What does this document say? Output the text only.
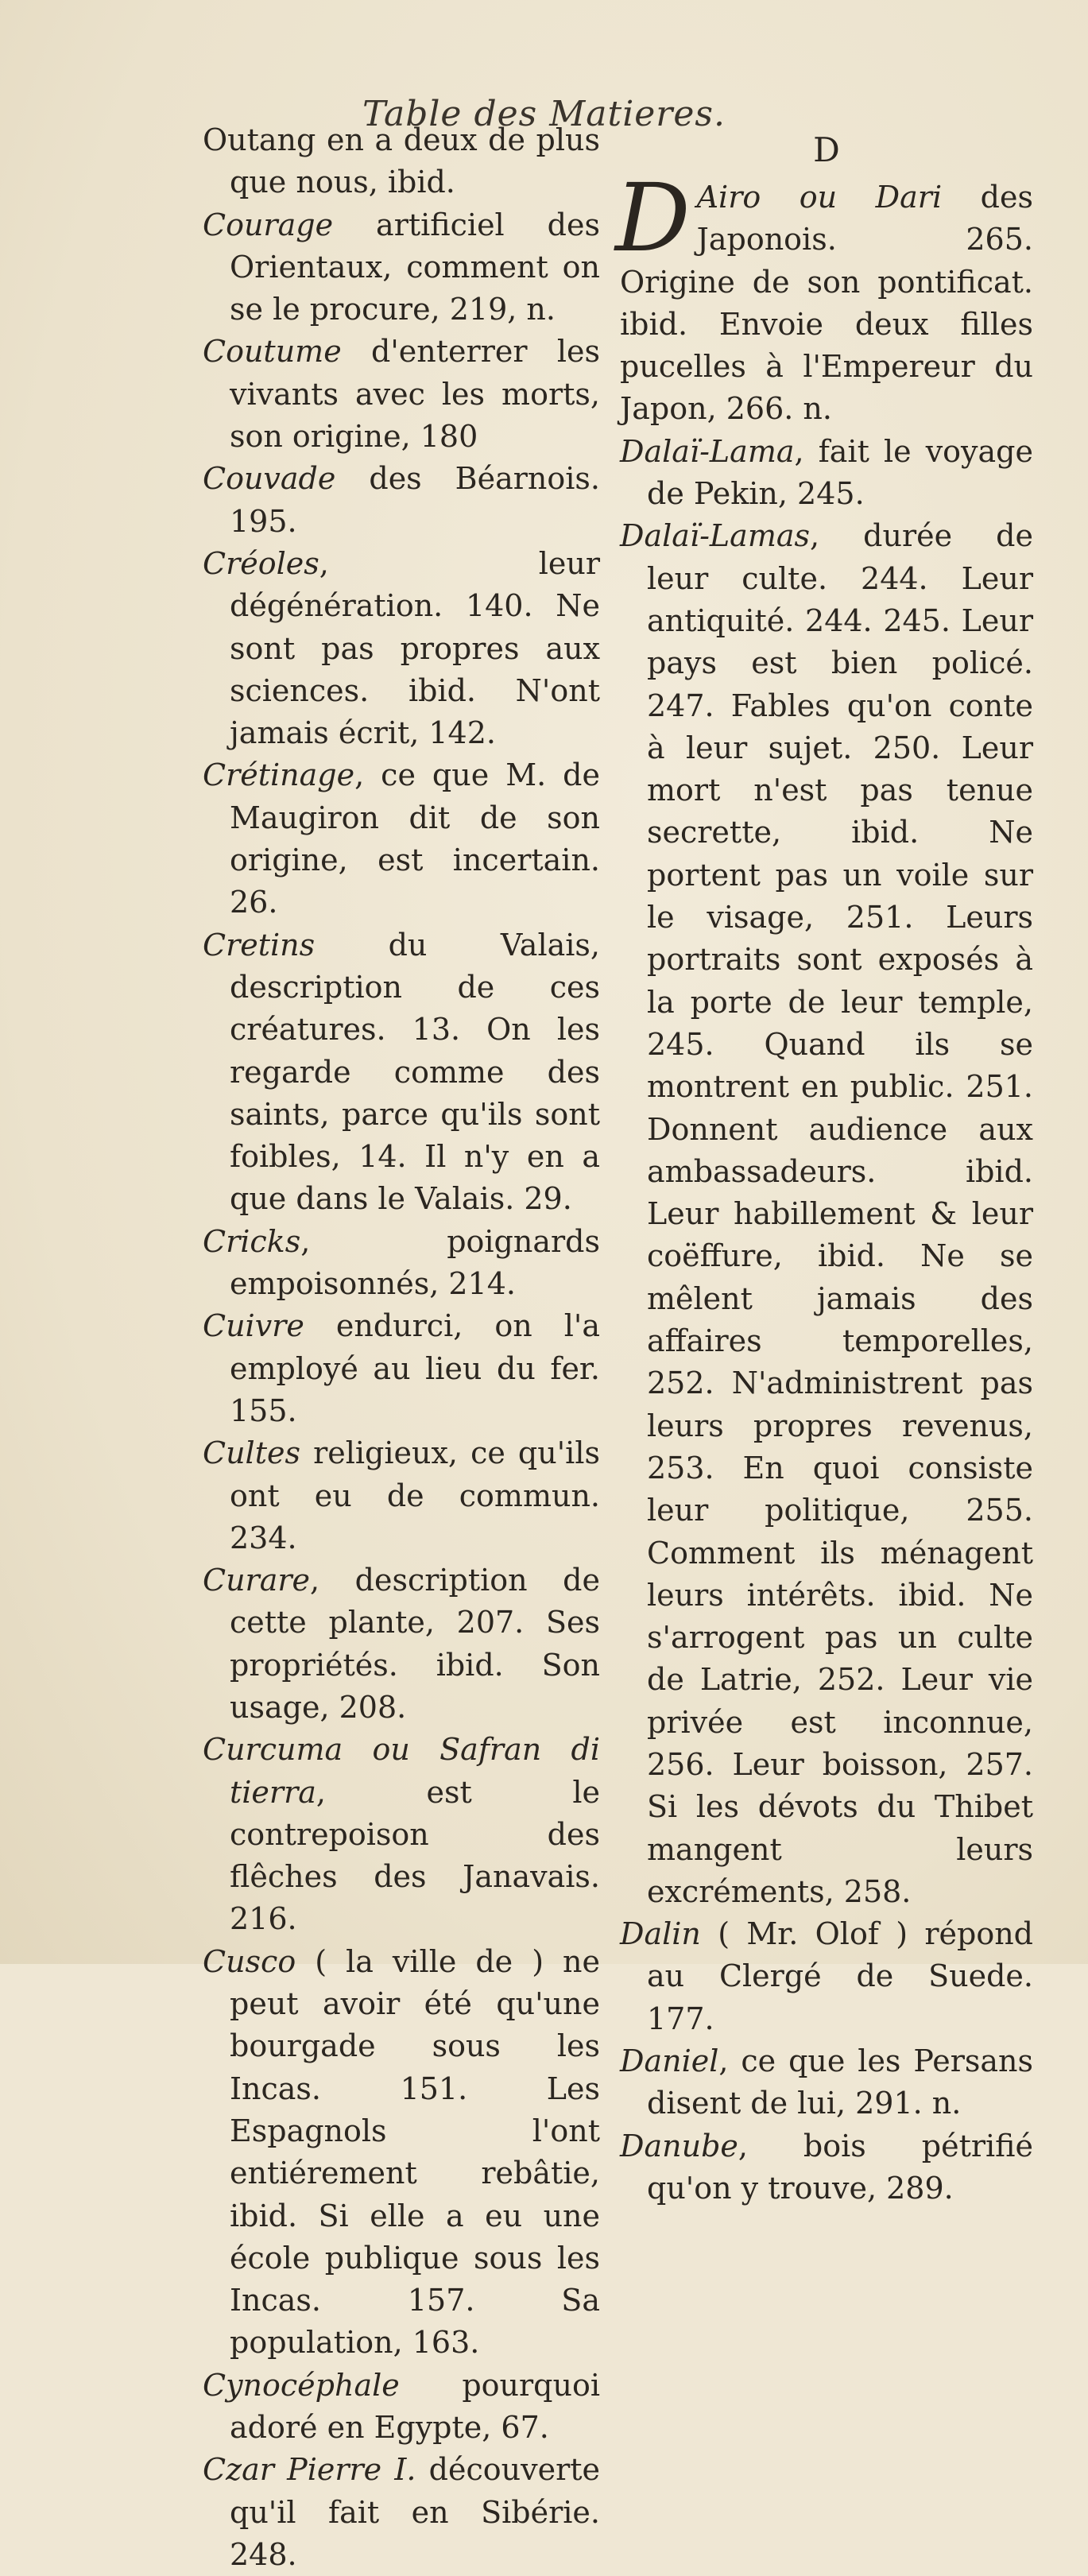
Table des Matieres.

Outang en a deux de plus que nous, ibid.

Courage artificiel des Orientaux, comment on se le procure, 219, n.

Coutume d'enterrer les vivants avec les morts, son origine, 180

Couvade des Béarnois. 195.

Créoles, leur dégénération. 140. Ne sont pas propres aux sciences. ibid. N'ont jamais écrit, 142.

Crétinage, ce que M. de Maugiron dit de son origine, est incertain. 26.

Cretins du Valais, description de ces créatures. 13. On les regarde comme des saints, parce qu'ils sont foibles, 14. Il n'y en a que dans le Valais. 29.

Cricks, poignards empoisonnés, 214.

Cuivre endurci, on l'a employé au lieu du fer. 155.

Cultes religieux, ce qu'ils ont eu de commun. 234.

Curare, description de cette plante, 207. Ses propriétés. ibid. Son usage, 208.

Curcuma ou Safran di tierra, est le contrepoison des flêches des Janavais. 216.

Cusco ( la ville de ) ne peut avoir été qu'une bourgade sous les Incas. 151. Les Espagnols l'ont entiérement rebâtie, ibid. Si elle a eu une école publique sous les Incas. 157. Sa population, 163.

Cynocéphale pourquoi adoré en Egypte, 67.

Czar Pierre I. découverte qu'il fait en Sibérie. 248.

D

D Airo ou Dari des Japonois. 265. Origine de son pontificat. ibid. Envoie deux filles pucelles à l'Empereur du Japon, 266. n.

Dalaï-Lama, fait le voyage de Pekin, 245.

Dalaï-Lamas, durée de leur culte. 244. Leur antiquité. 244. 245. Leur pays est bien policé. 247. Fables qu'on conte à leur sujet. 250. Leur mort n'est pas tenue secrette, ibid. Ne portent pas un voile sur le visage, 251. Leurs portraits sont exposés à la porte de leur temple, 245. Quand ils se montrent en public. 251. Donnent audience aux ambassadeurs. ibid. Leur habillement & leur coëffure, ibid. Ne se mêlent jamais des affaires temporelles, 252. N'administrent pas leurs propres revenus, 253. En quoi consiste leur politique, 255. Comment ils ménagent leurs intérêts. ibid. Ne s'arrogent pas un culte de Latrie, 252. Leur vie privée est inconnue, 256. Leur boisson, 257. Si les dévots du Thibet mangent leurs excréments, 258.

Dalin ( Mr. Olof ) répond au Clergé de Suede. 177.

Daniel, ce que les Persans disent de lui, 291. n.

Danube, bois pétrifié qu'on y trouve, 289.
